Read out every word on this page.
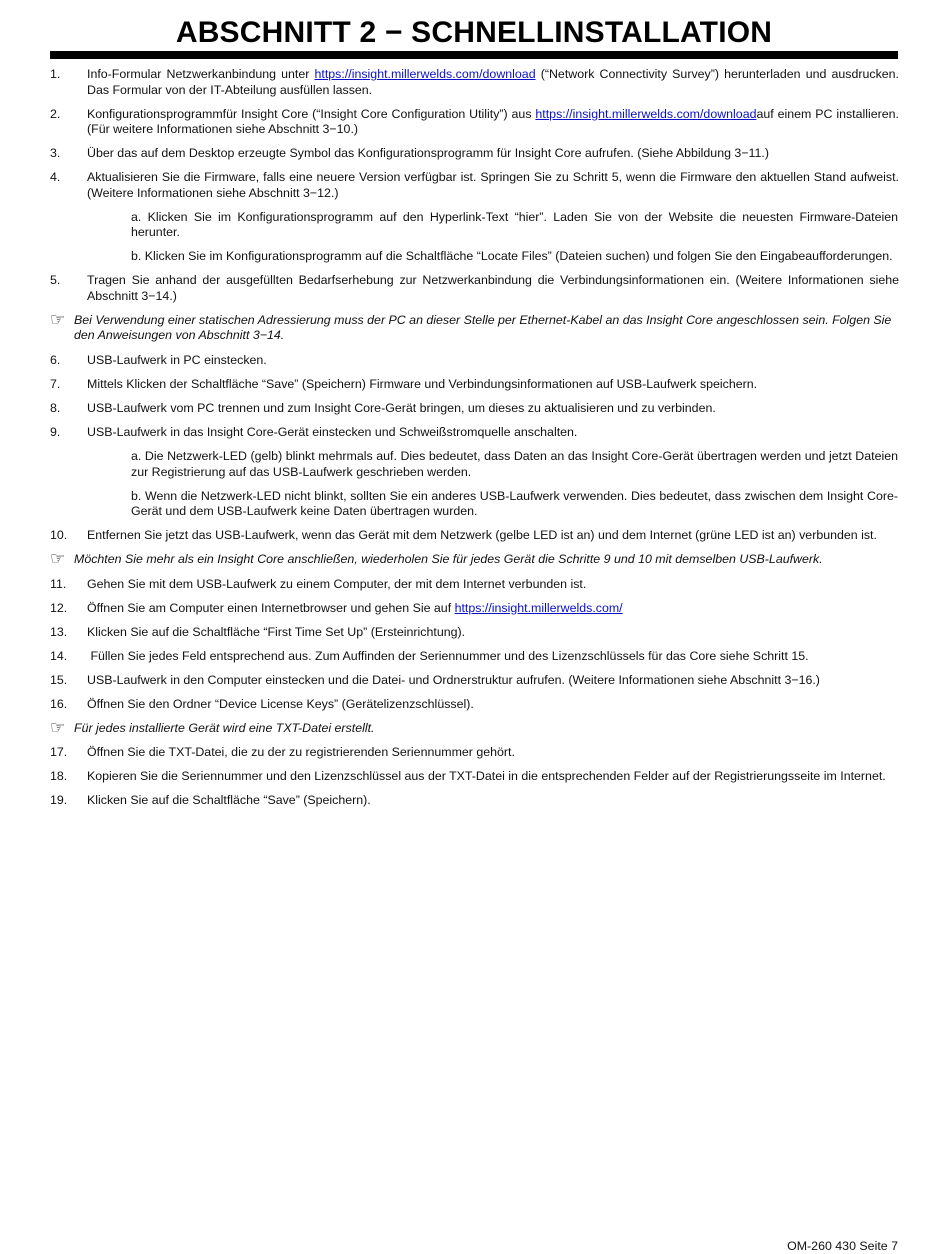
ABSCHNITT 2 − SCHNELLINSTALLATION
1. Info-Formular Netzwerkanbindung unter https://insight.millerwelds.com/download (“Network Connectivity Survey”) herunterladen und ausdrucken. Das Formular von der IT-Abteilung ausfüllen lassen.
2. Konfigurationsprogrammfür Insight Core (“Insight Core Configuration Utility”) aus https://insight.millerwelds.com/downloadauf einem PC installieren. (Für weitere Informationen siehe Abschnitt 3−10.)
3. Über das auf dem Desktop erzeugte Symbol das Konfigurationsprogramm für Insight Core aufrufen. (Siehe Abbildung 3−11.)
4. Aktualisieren Sie die Firmware, falls eine neuere Version verfügbar ist. Springen Sie zu Schritt 5, wenn die Firmware den aktuellen Stand aufweist. (Weitere Informationen siehe Abschnitt 3−12.)
a. Klicken Sie im Konfigurationsprogramm auf den Hyperlink-Text “hier”. Laden Sie von der Website die neuesten Firmware-Dateien herunter.
b. Klicken Sie im Konfigurationsprogramm auf die Schaltfläche “Locate Files” (Dateien suchen) und folgen Sie den Eingabeaufforderungen.
5. Tragen Sie anhand der ausgefüllten Bedarfserhebung zur Netzwerkanbindung die Verbindungsinformationen ein. (Weitere Informationen siehe Abschnitt 3−14.)
☞ Bei Verwendung einer statischen Adressierung muss der PC an dieser Stelle per Ethernet-Kabel an das Insight Core angeschlossen sein. Folgen Sie den Anweisungen von Abschnitt 3−14.
6. USB-Laufwerk in PC einstecken.
7. Mittels Klicken der Schaltfläche “Save” (Speichern) Firmware und Verbindungsinformationen auf USB-Laufwerk speichern.
8. USB-Laufwerk vom PC trennen und zum Insight Core-Gerät bringen, um dieses zu aktualisieren und zu verbinden.
9. USB-Laufwerk in das Insight Core-Gerät einstecken und Schweißstromquelle anschalten.
a. Die Netzwerk-LED (gelb) blinkt mehrmals auf. Dies bedeutet, dass Daten an das Insight Core-Gerät übertragen werden und jetzt Dateien zur Registrierung auf das USB-Laufwerk geschrieben werden.
b. Wenn die Netzwerk-LED nicht blinkt, sollten Sie ein anderes USB-Laufwerk verwenden. Dies bedeutet, dass zwischen dem Insight Core-Gerät und dem USB-Laufwerk keine Daten übertragen wurden.
10. Entfernen Sie jetzt das USB-Laufwerk, wenn das Gerät mit dem Netzwerk (gelbe LED ist an) und dem Internet (grüne LED ist an) verbunden ist.
☞ Möchten Sie mehr als ein Insight Core anschließen, wiederholen Sie für jedes Gerät die Schritte 9 und 10 mit demselben USB-Laufwerk.
11. Gehen Sie mit dem USB-Laufwerk zu einem Computer, der mit dem Internet verbunden ist.
12. Öffnen Sie am Computer einen Internetbrowser und gehen Sie auf https://insight.millerwelds.com/
13. Klicken Sie auf die Schaltfläche “First Time Set Up” (Ersteinrichtung).
14. Füllen Sie jedes Feld entsprechend aus. Zum Auffinden der Seriennummer und des Lizenzschlüssels für das Core siehe Schritt 15.
15. USB-Laufwerk in den Computer einstecken und die Datei- und Ordnerstruktur aufrufen. (Weitere Informationen siehe Abschnitt 3−16.)
16. Öffnen Sie den Ordner “Device License Keys” (Gerätelizenzschlüssel).
☞ Für jedes installierte Gerät wird eine TXT-Datei erstellt.
17. Öffnen Sie die TXT-Datei, die zu der zu registrierenden Seriennummer gehört.
18. Kopieren Sie die Seriennummer und den Lizenzschlüssel aus der TXT-Datei in die entsprechenden Felder auf der Registrierungsseite im Internet.
19. Klicken Sie auf die Schaltfläche “Save” (Speichern).
OM-260 430 Seite 7
